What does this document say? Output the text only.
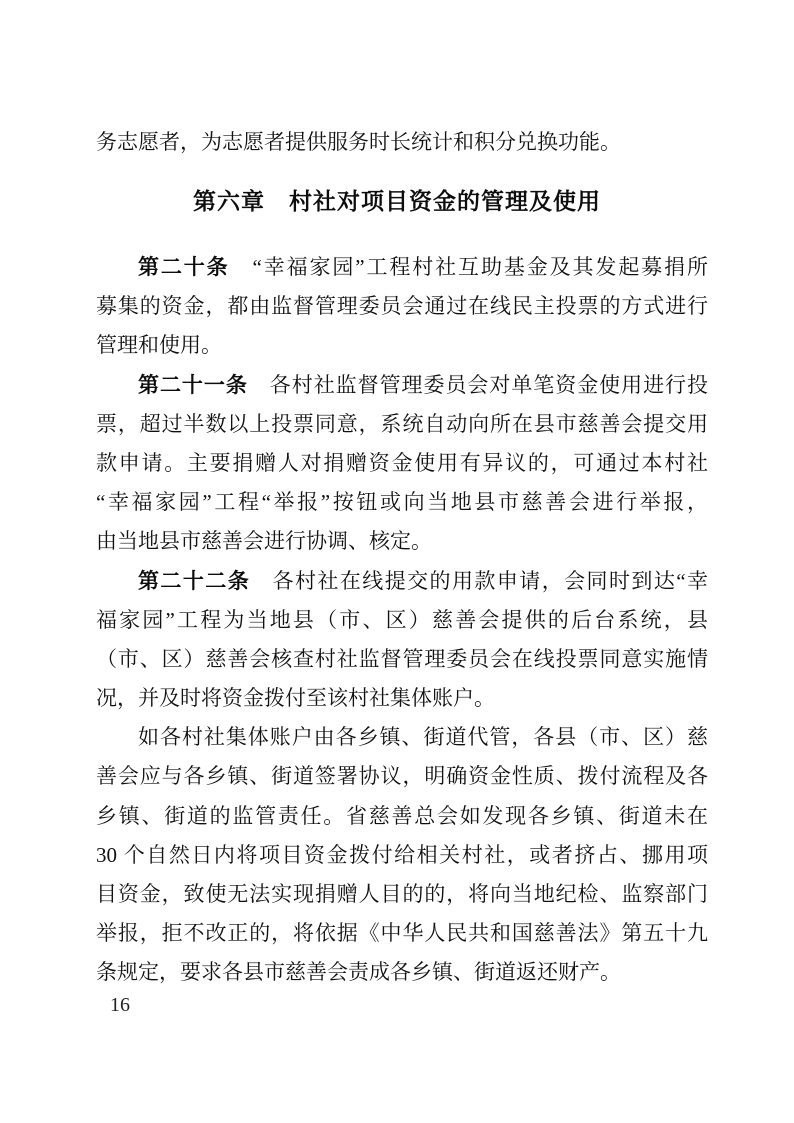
务志愿者，为志愿者提供服务时长统计和积分兑换功能。
第六章　村社对项目资金的管理及使用
第二十条　“幸福家园”工程村社互助基金及其发起募捐所
募集的资金，都由监督管理委员会通过在线民主投票的方式进行
管理和使用。
第二十一条　各村社监督管理委员会对单笔资金使用进行投
票，超过半数以上投票同意，系统自动向所在县市慈善会提交用
款申请。主要捐赠人对捐赠资金使用有异议的，可通过本村社
“幸福家园”工程“举报”按钮或向当地县市慈善会进行举报，
由当地县市慈善会进行协调、核定。
第二十二条　各村社在线提交的用款申请，会同时到达“幸
福家园”工程为当地县（市、区）慈善会提供的后台系统，县
（市、区）慈善会核查村社监督管理委员会在线投票同意实施情
况，并及时将资金拨付至该村社集体账户。
如各村社集体账户由各乡镇、街道代管，各县（市、区）慈
善会应与各乡镇、街道签署协议，明确资金性质、拨付流程及各
乡镇、街道的监管责任。省慈善总会如发现各乡镇、街道未在
30 个自然日内将项目资金拨付给相关村社，或者挤占、挪用项
目资金，致使无法实现捐赠人目的的，将向当地纪检、监察部门
举报，拒不改正的，将依据《中华人民共和国慈善法》第五十九
条规定，要求各县市慈善会责成各乡镇、街道返还财产。
16
